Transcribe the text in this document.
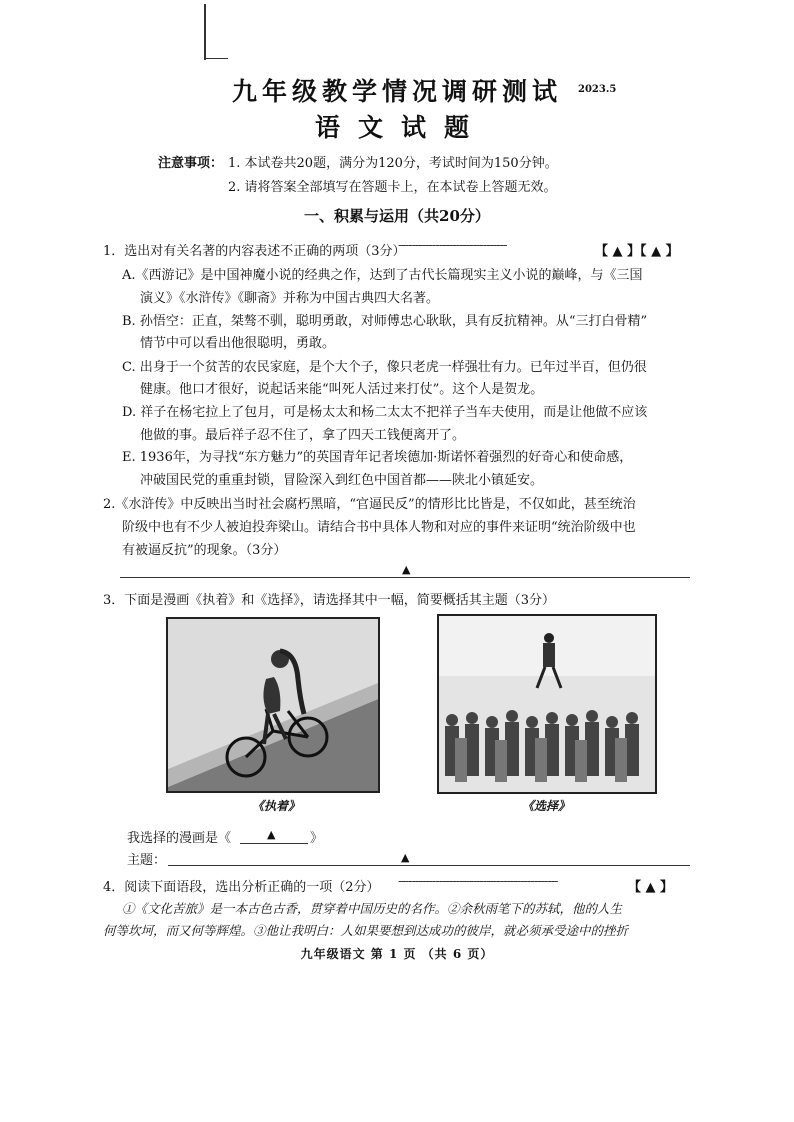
九年级教学情况调研测试	2023.5
语文试题
注意事项： 1. 本试卷共20题，满分为120分，考试时间为150分钟。
2. 请将答案全部填写在答题卡上，在本试卷上答题无效。
一、积累与运用（共20分）
1．选出对有关名著的内容表述不正确的两项（3分）
--------------------------------	【 ▲ 】【 ▲ 】
A.《西游记》是中国神魔小说的经典之作，达到了古代长篇现实主义小说的巅峰，与《三国
演义》《水浒传》《聊斋》并称为中国古典四大名著。
B. 孙悟空：正直，桀骜不驯，聪明勇敢，对师傅忠心耿耿，具有反抗精神。从“三打白骨精”
情节中可以看出他很聪明，勇敢。
C. 出身于一个贫苦的农民家庭，是个大个子，像只老虎一样强壮有力。已年过半百，但仍很
健康。他口才很好，说起话来能“叫死人活过来打仗”。这个人是贺龙。
D. 祥子在杨宅拉上了包月，可是杨太太和杨二太太不把祥子当车夫使用，而是让他做不应该
他做的事。最后祥子忍不住了，拿了四天工钱便离开了。
E. 1936年，为寻找“东方魅力”的英国青年记者埃德加·斯诺怀着强烈的好奇心和使命感，
冲破国民党的重重封锁，冒险深入到红色中国首都——陕北小镇延安。
2.《水浒传》中反映出当时社会腐朽黑暗，“官逼民反”的情形比比皆是，不仅如此，甚至统治
阶级中也有不少人被迫投奔梁山。请结合书中具体人物和对应的事件来证明“统治阶级中也
有被逼反抗”的现象。（3分）
▲
3．下面是漫画《执着》和《选择》，请选择其中一幅，简要概括其主题（3分）
《执着》	《选择》
我选择的漫画是《	▲	》
主题：	▲
4．阅读下面语段，选出分析正确的一项（2分） -----------------------------------------------	【 ▲ 】
①《文化苦旅》是一本古色古香，贯穿着中国历史的名作。②余秋雨笔下的苏轼，他的人生
何等坎坷，而又何等辉煌。③他让我明白：人如果要想到达成功的彼岸，就必须承受途中的挫折
九年级语文 第 1 页 （共 6 页）
